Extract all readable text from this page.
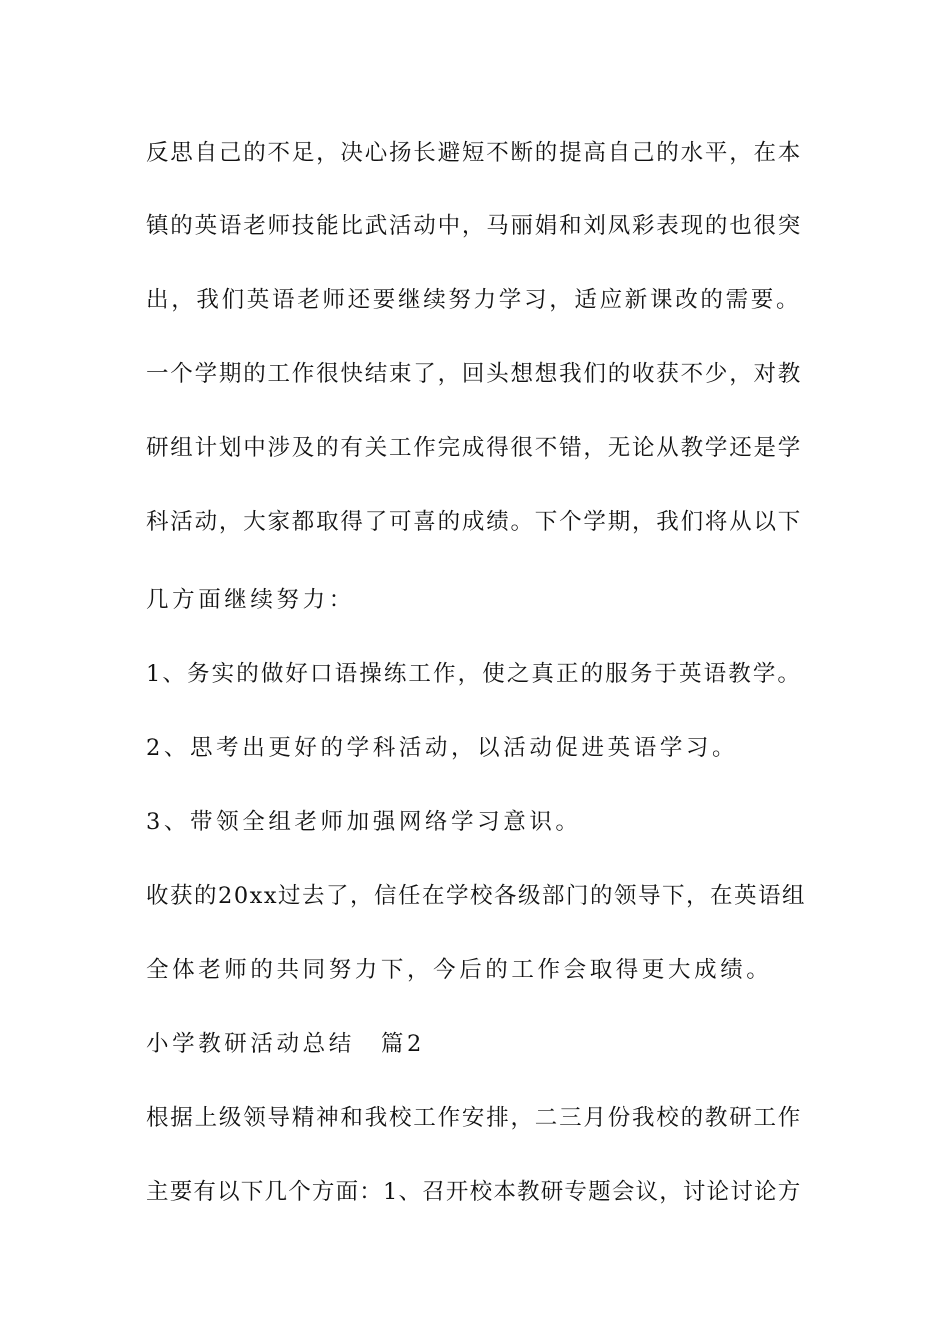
反思自己的不足，决心扬长避短不断的提高自己的水平，在本
镇的英语老师技能比武活动中，马丽娟和刘凤彩表现的也很突
出，我们英语老师还要继续努力学习，适应新课改的需要。
一个学期的工作很快结束了，回头想想我们的收获不少，对教
研组计划中涉及的有关工作完成得很不错，无论从教学还是学
科活动，大家都取得了可喜的成绩。下个学期，我们将从以下
几方面继续努力：
1、务实的做好口语操练工作，使之真正的服务于英语教学。
2、思考出更好的学科活动，以活动促进英语学习。
3、带领全组老师加强网络学习意识。
收获的20xx过去了，信任在学校各级部门的领导下，在英语组
全体老师的共同努力下，今后的工作会取得更大成绩。
小学教研活动总结　篇2
根据上级领导精神和我校工作安排，二三月份我校的教研工作
主要有以下几个方面：1、召开校本教研专题会议，讨论讨论方
